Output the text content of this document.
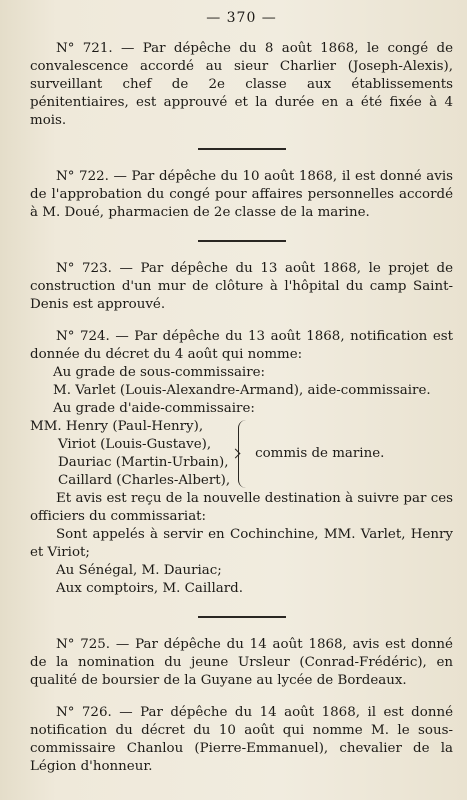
— 370 —

N° 721. — Par dépêche du 8 août 1868, le congé de convalescence accordé au sieur Charlier (Joseph-Alexis), surveillant chef de 2e classe aux établissements pénitentiaires, est approuvé et la durée en a été fixée à 4 mois.

N° 722. — Par dépêche du 10 août 1868, il est donné avis de l'approbation du congé pour affaires personnelles accordé à M. Doué, pharmacien de 2e classe de la marine.

N° 723. — Par dépêche du 13 août 1868, le projet de construction d'un mur de clôture à l'hôpital du camp Saint-Denis est approuvé.

N° 724. — Par dépêche du 13 août 1868, notification est donnée du décret du 4 août qui nomme:

Au grade de sous-commissaire:

M. Varlet (Louis-Alexandre-Armand), aide-commissaire.

Au grade d'aide-commissaire:

MM. Henry (Paul-Henry),
Viriot (Louis-Gustave),
Dauriac (Martin-Urbain),
Caillard (Charles-Albert),
commis de marine.

Et avis est reçu de la nouvelle destination à suivre par ces officiers du commissariat:

Sont appelés à servir en Cochinchine, MM. Varlet, Henry et Viriot;

Au Sénégal, M. Dauriac;

Aux comptoirs, M. Caillard.

N° 725. — Par dépêche du 14 août 1868, avis est donné de la nomination du jeune Ursleur (Conrad-Frédéric), en qualité de boursier de la Guyane au lycée de Bordeaux.

N° 726. — Par dépêche du 14 août 1868, il est donné notification du décret du 10 août qui nomme M. le sous-commissaire Chanlou (Pierre-Emmanuel), chevalier de la Légion d'honneur.
